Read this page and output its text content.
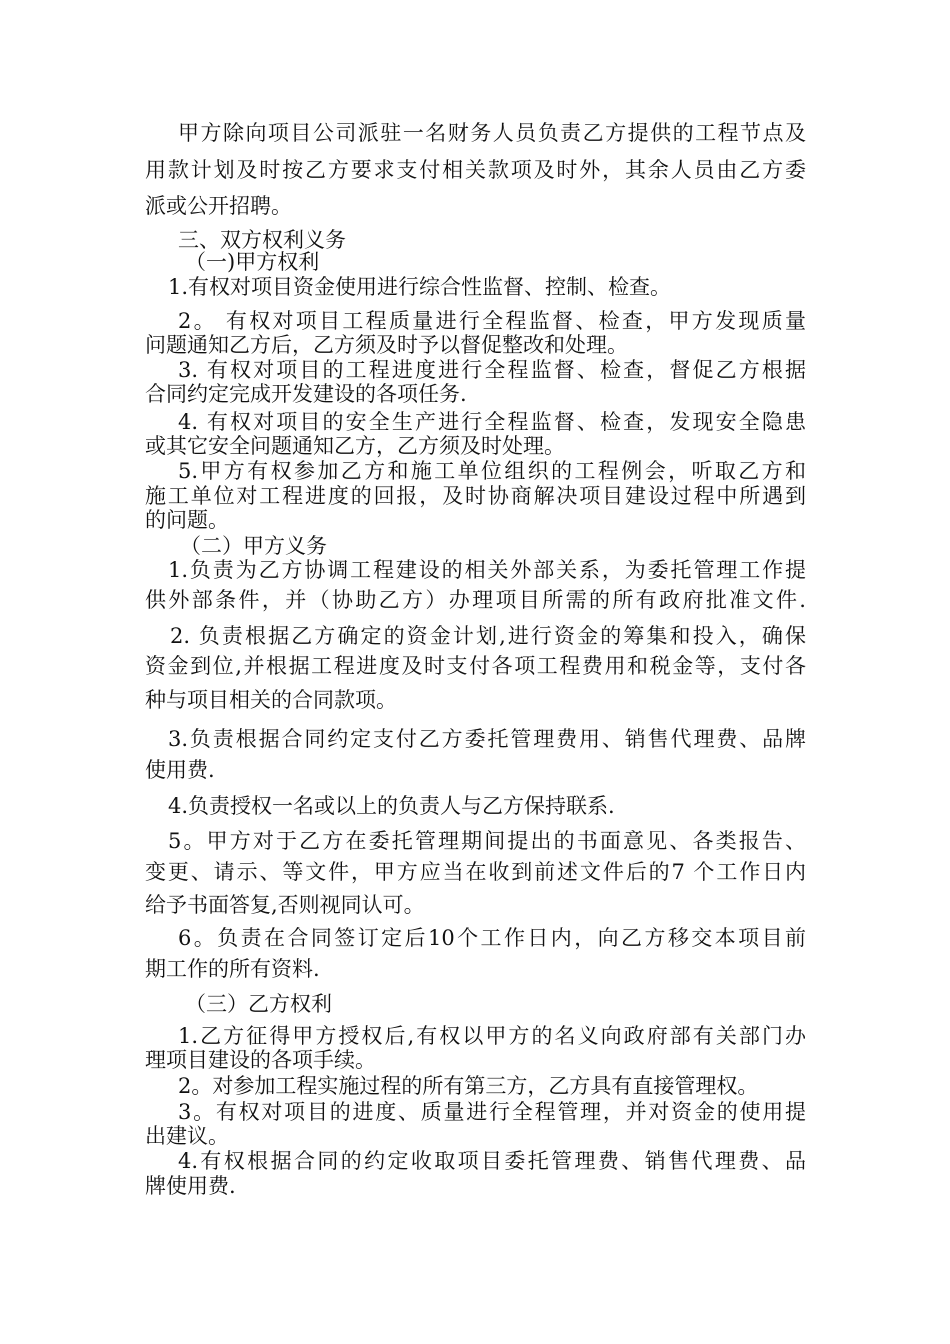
甲方除向项目公司派驻一名财务人员负责乙方提供的工程节点及
用款计划及时按乙方要求支付相关款项及时外，其余人员由乙方委
派或公开招聘。
三、双方权利义务
（一)甲方权利
1.有权对项目资金使用进行综合性监督、控制、检查。
2。 有权对项目工程质量进行全程监督、检查，甲方发现质量
问题通知乙方后，乙方须及时予以督促整改和处理。
3. 有权对项目的工程进度进行全程监督、检查，督促乙方根据
合同约定完成开发建设的各项任务.
4. 有权对项目的安全生产进行全程监督、检查，发现安全隐患
或其它安全问题通知乙方，乙方须及时处理。
5.甲方有权参加乙方和施工单位组织的工程例会，听取乙方和
施工单位对工程进度的回报，及时协商解决项目建设过程中所遇到
的问题。
（二）甲方义务
1.负责为乙方协调工程建设的相关外部关系，为委托管理工作提
供外部条件，并（协助乙方）办理项目所需的所有政府批准文件.
2. 负责根据乙方确定的资金计划,进行资金的筹集和投入，确保
资金到位,并根据工程进度及时支付各项工程费用和税金等，支付各
种与项目相关的合同款项。
3.负责根据合同约定支付乙方委托管理费用、销售代理费、品牌
使用费.
4.负责授权一名或以上的负责人与乙方保持联系.
5。甲方对于乙方在委托管理期间提出的书面意见、各类报告、
变更、请示、等文件，甲方应当在收到前述文件后的7 个工作日内
给予书面答复,否则视同认可。
6。负责在合同签订定后10个工作日内，向乙方移交本项目前
期工作的所有资料.
（三）乙方权利
1.乙方征得甲方授权后,有权以甲方的名义向政府部有关部门办
理项目建设的各项手续。
2。对参加工程实施过程的所有第三方，乙方具有直接管理权。
3。有权对项目的进度、质量进行全程管理，并对资金的使用提
出建议。
4.有权根据合同的约定收取项目委托管理费、销售代理费、品
牌使用费.
